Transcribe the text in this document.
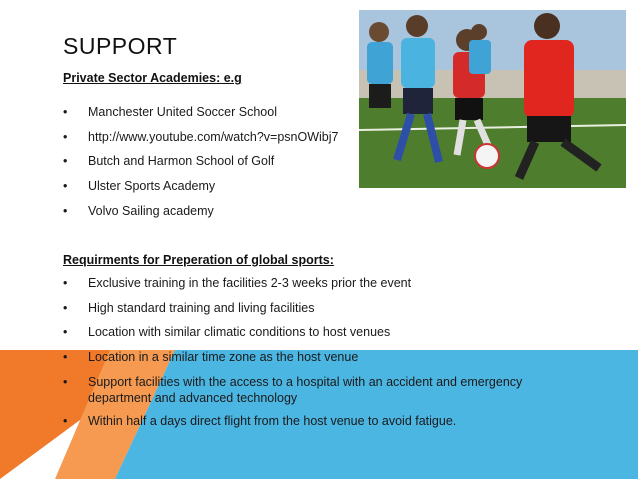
SUPPORT
Private Sector Academies: e.g
• Manchester United Soccer School
• http://www.youtube.com/watch?v=psnOWibj7
• Butch and Harmon School of Golf
• Ulster Sports Academy
• Volvo Sailing academy
Requirments for Preperation of global sports:
• Exclusive training in the facilities 2-3 weeks prior the event
• High standard training and living facilities
• Location with similar climatic conditions to host venues
• Location in a similar time zone as the host venue
• Support facilities with the access to a hospital with an accident and emergency department and advanced technology
• Within half a days direct flight from the host venue to avoid fatigue.
